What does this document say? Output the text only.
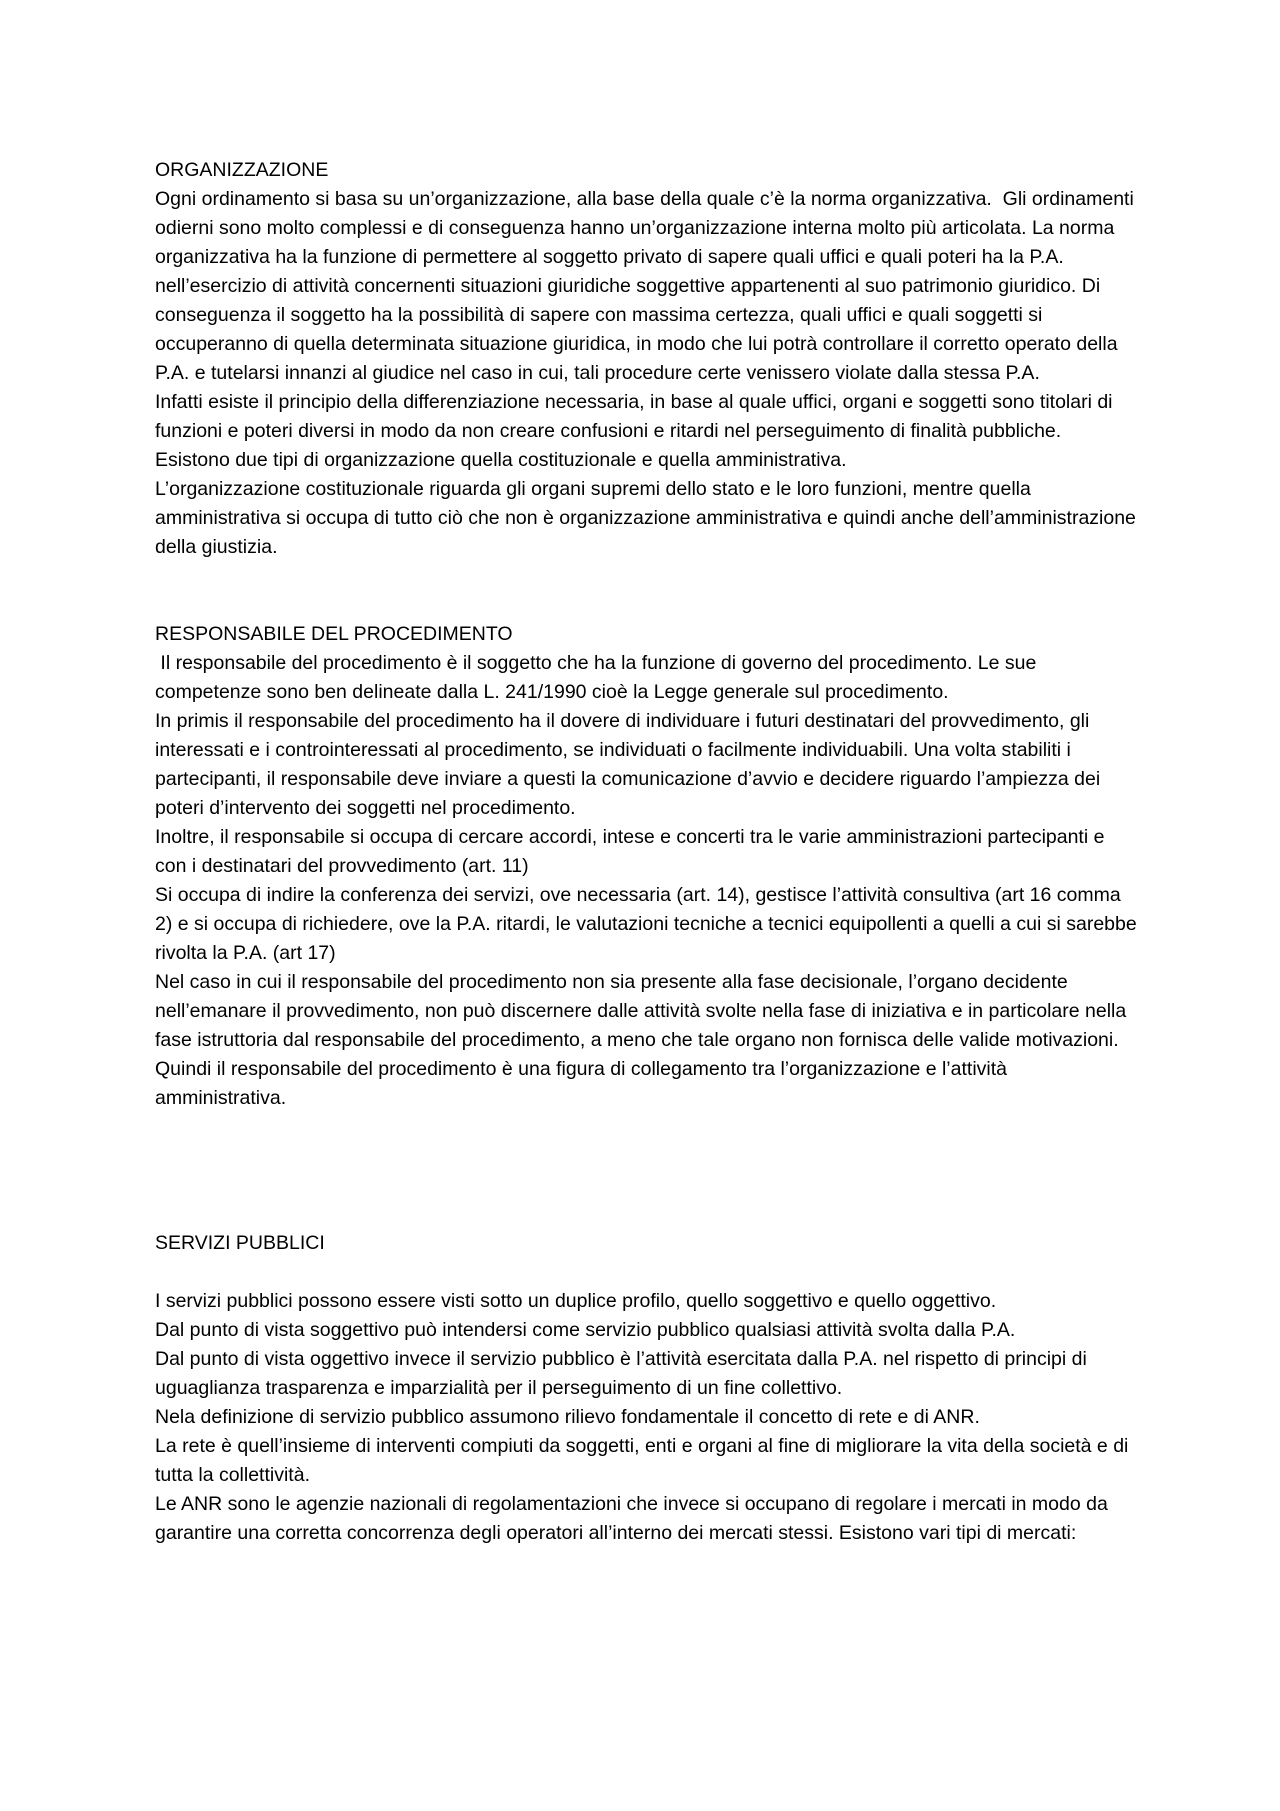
ORGANIZZAZIONE

Ogni ordinamento si basa su un’organizzazione, alla base della quale c’è la norma organizzativa.  Gli ordinamenti odierni sono molto complessi e di conseguenza hanno un’organizzazione interna molto più articolata. La norma organizzativa ha la funzione di permettere al soggetto privato di sapere quali uffici e quali poteri ha la P.A. nell’esercizio di attività concernenti situazioni giuridiche soggettive appartenenti al suo patrimonio giuridico. Di conseguenza il soggetto ha la possibilità di sapere con massima certezza, quali uffici e quali soggetti si occuperanno di quella determinata situazione giuridica, in modo che lui potrà controllare il corretto operato della P.A. e tutelarsi innanzi al giudice nel caso in cui, tali procedure certe venissero violate dalla stessa P.A.

Infatti esiste il principio della differenziazione necessaria, in base al quale uffici, organi e soggetti sono titolari di funzioni e poteri diversi in modo da non creare confusioni e ritardi nel perseguimento di finalità pubbliche.

Esistono due tipi di organizzazione quella costituzionale e quella amministrativa.

L’organizzazione costituzionale riguarda gli organi supremi dello stato e le loro funzioni, mentre quella amministrativa si occupa di tutto ciò che non è organizzazione amministrativa e quindi anche dell’amministrazione della giustizia.

RESPONSABILE DEL PROCEDIMENTO

Il responsabile del procedimento è il soggetto che ha la funzione di governo del procedimento. Le sue competenze sono ben delineate dalla L. 241/1990 cioè la Legge generale sul procedimento.

In primis il responsabile del procedimento ha il dovere di individuare i futuri destinatari del provvedimento, gli interessati e i controinteressati al procedimento, se individuati o facilmente individuabili. Una volta stabiliti i partecipanti, il responsabile deve inviare a questi la comunicazione d’avvio e decidere riguardo l’ampiezza dei poteri d’intervento dei soggetti nel procedimento.

Inoltre, il responsabile si occupa di cercare accordi, intese e concerti tra le varie amministrazioni partecipanti e con i destinatari del provvedimento (art. 11)

Si occupa di indire la conferenza dei servizi, ove necessaria (art. 14), gestisce l’attività consultiva (art 16 comma 2) e si occupa di richiedere, ove la P.A. ritardi, le valutazioni tecniche a tecnici equipollenti a quelli a cui si sarebbe rivolta la P.A. (art 17)

Nel caso in cui il responsabile del procedimento non sia presente alla fase decisionale, l’organo decidente nell’emanare il provvedimento, non può discernere dalle attività svolte nella fase di iniziativa e in particolare nella fase istruttoria dal responsabile del procedimento, a meno che tale organo non fornisca delle valide motivazioni.

Quindi il responsabile del procedimento è una figura di collegamento tra l’organizzazione e l’attività amministrativa.

SERVIZI PUBBLICI

I servizi pubblici possono essere visti sotto un duplice profilo, quello soggettivo e quello oggettivo.

Dal punto di vista soggettivo può intendersi come servizio pubblico qualsiasi attività svolta dalla P.A.

Dal punto di vista oggettivo invece il servizio pubblico è l’attività esercitata dalla P.A. nel rispetto di principi di uguaglianza trasparenza e imparzialità per il perseguimento di un fine collettivo.

Nela definizione di servizio pubblico assumono rilievo fondamentale il concetto di rete e di ANR.

La rete è quell’insieme di interventi compiuti da soggetti, enti e organi al fine di migliorare la vita della società e di tutta la collettività.

Le ANR sono le agenzie nazionali di regolamentazioni che invece si occupano di regolare i mercati in modo da garantire una corretta concorrenza degli operatori all’interno dei mercati stessi. Esistono vari tipi di mercati:
